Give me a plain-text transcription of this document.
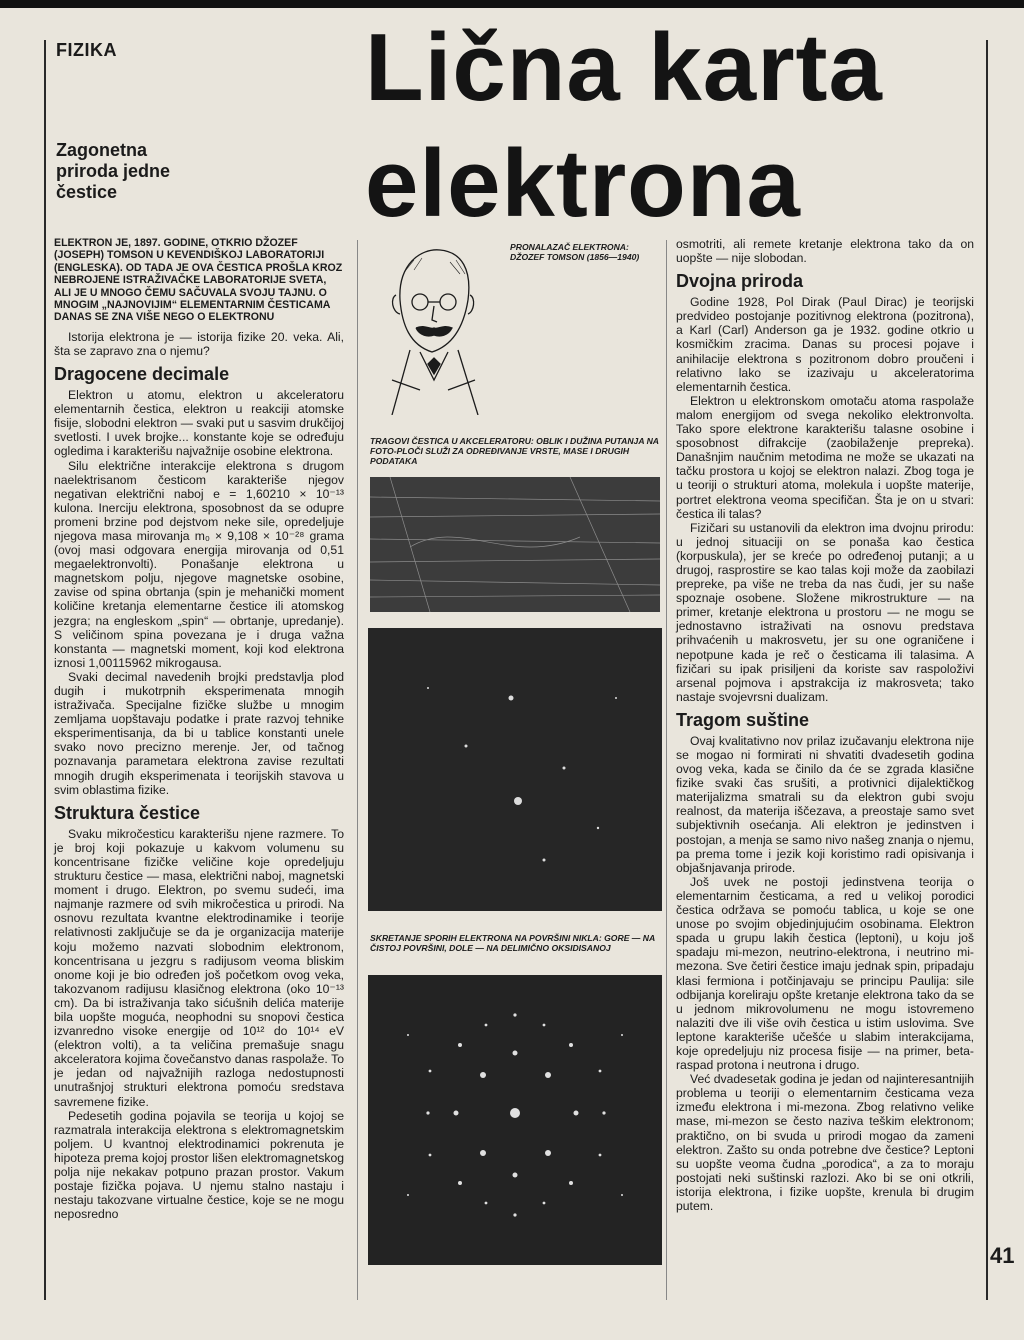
FIZIKA
Zagonetna priroda jedne čestice
Lična karta
elektrona

ELEKTRON JE, 1897. GODINE, OTKRIO DŽOZEF (JOSEPH) TOMSON U KEVENDIŠKOJ LABORATORIJI (ENGLESKA). OD TADA JE OVA ČESTICA PROŠLA KROZ NEBROJENE ISTRAŽIVAČKE LABORATORIJE SVETA, ALI JE U MNOGO ČEMU SAČUVALA SVOJU TAJNU. O MNOGIM „NAJNOVIJIM“ ELEMENTARNIM ČESTICAMA DANAS SE ZNA VIŠE NEGO O ELEKTRONU

Istorija elektrona je — istorija fizike 20. veka. Ali, šta se zapravo zna o njemu?

Dragocene decimale

Elektron u atomu, elektron u akceleratoru elementarnih čestica, elektron u reakciji atomske fisije, slobodni elektron — svaki put u sasvim drukčijoj svetlosti. I uvek brojke... konstante koje se određuju ogledima i karakterišu najvažnije osobine elektrona.

Silu električne interakcije elektrona s drugom naelektrisanom česticom karakteriše njegov negativan električni naboj e = 1,60210 × 10⁻¹³ kulona. Inerciju elektrona, sposobnost da se odupre promeni brzine pod dejstvom neke sile, opredeljuje njegova masa mirovanja m₀ × 9,108 × 10⁻²⁸ grama (ovoj masi odgovara energija mirovanja od 0,51 megaelektronvolti). Ponašanje elektrona u magnetskom polju, njegove magnetske osobine, zavise od spina obrtanja (spin je mehanički moment količine kretanja elementarne čestice ili atomskog jezgra; na engleskom „spin“ — obrtanje, upredanje). S veličinom spina povezana je i druga važna konstanta — magnetski moment, koji kod elektrona iznosi 1,00115962 mikrogausa.

Svaki decimal navedenih brojki predstavlja plod dugih i mukotrpnih eksperimenata mnogih istraživača. Specijalne fizičke službe u mnogim zemljama uopštavaju podatke i prate razvoj tehnike eksperimentisanja, da bi u tablice konstanti unele svako novo precizno merenje. Jer, od tačnog poznavanja parametara elektrona zavise rezultati mnogih drugih eksperimenata i teorijskih stavova u svim oblastima fizike.

Struktura čestice

Svaku mikročesticu karakterišu njene razmere. To je broj koji pokazuje u kakvom volumenu su koncentrisane fizičke veličine koje opredeljuju strukturu čestice — masa, električni naboj, magnetski moment i drugo. Elektron, po svemu sudeći, ima najmanje razmere od svih mikročestica u prirodi. Na osnovu rezultata kvantne elektrodinamike i teorije relativnosti zaključuje se da je organizacija materije koju možemo nazvati slobodnim elektronom, koncentrisana u jezgru s radijusom veoma bliskim onome koji je bio određen još početkom ovog veka, takozvanom radijusu klasičnog elektrona (oko 10⁻¹³ cm). Da bi istraživanja tako sićušnih delića materije bila uopšte moguća, neophodni su snopovi čestica izvanredno visoke energije od 10¹² do 10¹⁴ eV (elektron volti), a ta veličina premašuje snagu akceleratora kojima čovečanstvo danas raspolaže. To je jedan od najvažnijih razloga nedostupnosti unutrašnjoj strukturi elektrona pomoću sredstava savremene fizike.

Pedesetih godina pojavila se teorija u kojoj se razmatrala interakcija elektrona s elektromagnetskim poljem. U kvantnoj elektrodinamici pokrenuta je hipoteza prema kojoj prostor lišen elektromagnetskog polja nije nekakav potpuno prazan prostor. Vakum postaje fizička pojava. U njemu stalno nastaju i nestaju takozvane virtualne čestice, koje se ne mogu neposredno

PRONALAZAČ ELEKTRONA: DŽOZEF TOMSON (1856—1940)
TRAGOVI ČESTICA U AKCELERATORU: OBLIK I DUŽINA PUTANJA NA FOTO-PLOČI SLUŽI ZA ODREĐIVANJE VRSTE, MASE I DRUGIH PODATAKA
SKRETANJE SPORIH ELEKTRONA NA POVRŠINI NIKLA: GORE — NA ČISTOJ POVRŠINI, DOLE — NA DELIMIČNO OKSIDISANOJ

osmotriti, ali remete kretanje elektrona tako da on uopšte — nije slobodan.

Dvojna priroda

Godine 1928, Pol Dirak (Paul Dirac) je teorijski predvideo postojanje pozitivnog elektrona (pozitrona), a Karl (Carl) Anderson ga je 1932. godine otkrio u kosmičkim zracima. Danas su procesi pojave i anihilacije elektrona s pozitronom dobro proučeni i relativno lako se izazivaju u akceleratorima elementarnih čestica.

Elektron u elektronskom omotaču atoma raspolaže malom energijom od svega nekoliko elektronvolta. Tako spore elektrone karakterišu talasne osobine i sposobnost difrakcije (zaobilaženje prepreka). Današnjim naučnim metodima ne može se ukazati na tačku prostora u kojoj se elektron nalazi. Zbog toga je u teoriji o strukturi atoma, molekula i uopšte materije, portret elektrona veoma specifičan. Šta je on u stvari: čestica ili talas?

Fizičari su ustanovili da elektron ima dvojnu prirodu: u jednoj situaciji on se ponaša kao čestica (korpuskula), jer se kreće po određenoj putanji; a u drugoj, rasprostire se kao talas koji može da zaobilazi prepreke, pa više ne treba da nas čudi, jer su naše spoznaje osobene. Složene mikrostrukture — na primer, kretanje elektrona u prostoru — ne mogu se jednostavno istraživati na osnovu predstava prihvaćenih u makrosvetu, jer su one ograničene i nepotpune kada je reč o česticama ili talasima. A fizičari su ipak prisiljeni da koriste sav raspoloživi arsenal pojmova i apstrakcija iz makrosveta; tako nastaje svojevrsni dualizam.

Tragom suštine

Ovaj kvalitativno nov prilaz izučavanju elektrona nije se mogao ni formirati ni shvatiti dvadesetih godina ovog veka, kada se činilo da će se zgrada klasične fizike svaki čas srušiti, a protivnici dijalektičkog materijalizma smatrali su da elektron gubi svoju realnost, da materija iščezava, a preostaje samo svet subjektivnih osećanja. Ali elektron je jedinstven i postojan, a menja se samo nivo našeg znanja o njemu, pa prema tome i jezik koji koristimo radi opisivanja i objašnjavanja prirode.

Još uvek ne postoji jedinstvena teorija o elementarnim česticama, a red u velikoj porodici čestica održava se pomoću tablica, u koje se one unose po svojim objedinjujućim osobinama. Elektron spada u grupu lakih čestica (leptoni), u koju još spadaju mi-mezon, neutrino-elektrona, i neutrino mi-mezona. Sve četiri čestice imaju jednak spin, pripadaju klasi fermiona i potčinjavaju se principu Paulija: sile odbijanja koreliraju opšte kretanje elektrona tako da se u jednom mikrovolumenu ne mogu istovremeno nalaziti dve ili više ovih čestica u istim uslovima. Sve leptone karakteriše učešće u slabim interakcijama, koje opredeljuju niz procesa fisije — na primer, beta-raspad protona i neutrona i drugo.

Već dvadesetak godina je jedan od najinteresantnijih problema u teoriji o elementarnim česticama veza između elektrona i mi-mezona. Zbog relativno velike mase, mi-mezon se često naziva teškim elektronom; praktično, on bi svuda u prirodi mogao da zameni elektron. Zašto su onda potrebne dve čestice? Leptoni su uopšte veoma čudna „porodica“, a za to moraju postojati neki suštinski razlozi. Ako bi se oni otkrili, istorija elektrona, i fizike uopšte, krenula bi drugim putem.

41
